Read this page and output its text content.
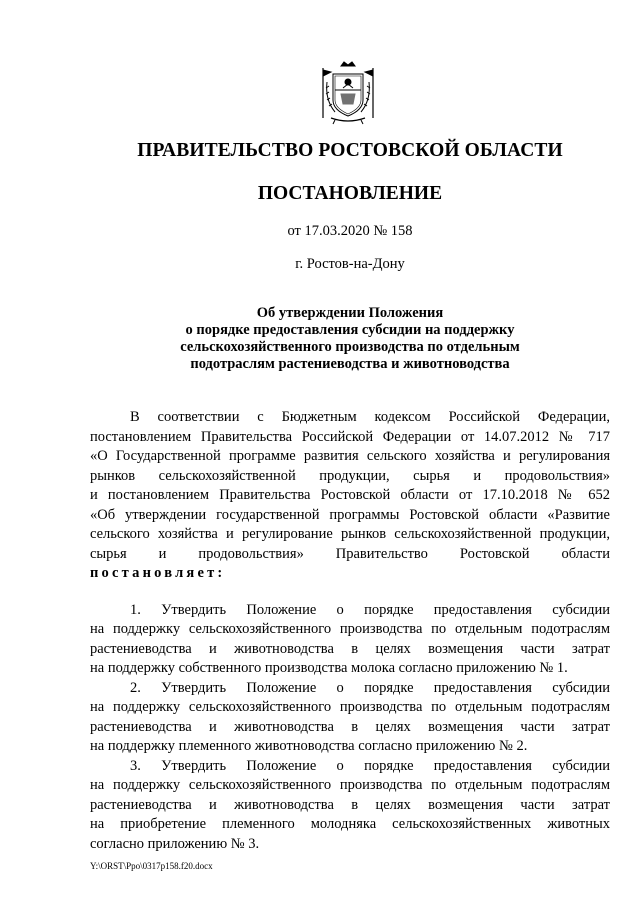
ПРАВИТЕЛЬСТВО РОСТОВСКОЙ ОБЛАСТИ
ПОСТАНОВЛЕНИЕ
от 17.03.2020 № 158
г. Ростов-на-Дону
Об утверждении Положения
о порядке предоставления субсидии на поддержку
сельскохозяйственного производства по отдельным
подотраслям растениеводства и животноводства
В соответствии с Бюджетным кодексом Российской Федерации,
постановлением Правительства Российской Федерации от 14.07.2012 № 717
«О Государственной программе развития сельского хозяйства и регулирования
рынков сельскохозяйственной продукции, сырья и продовольствия»
и постановлением Правительства Ростовской области от 17.10.2018 № 652
«Об утверждении государственной программы Ростовской области «Развитие
сельского хозяйства и регулирование рынков сельскохозяйственной продукции,
сырья и продовольствия» Правительство Ростовской области
постановляет:
1. Утвердить Положение о порядке предоставления субсидии
на поддержку сельскохозяйственного производства по отдельным подотраслям
растениеводства и животноводства в целях возмещения части затрат
на поддержку собственного производства молока согласно приложению № 1.
2. Утвердить Положение о порядке предоставления субсидии
на поддержку сельскохозяйственного производства по отдельным подотраслям
растениеводства и животноводства в целях возмещения части затрат
на поддержку племенного животноводства согласно приложению № 2.
3. Утвердить Положение о порядке предоставления субсидии
на поддержку сельскохозяйственного производства по отдельным подотраслям
растениеводства и животноводства в целях возмещения части затрат
на приобретение племенного молодняка сельскохозяйственных животных
согласно приложению № 3.
Y:\ORST\Ppo\0317p158.f20.docx
